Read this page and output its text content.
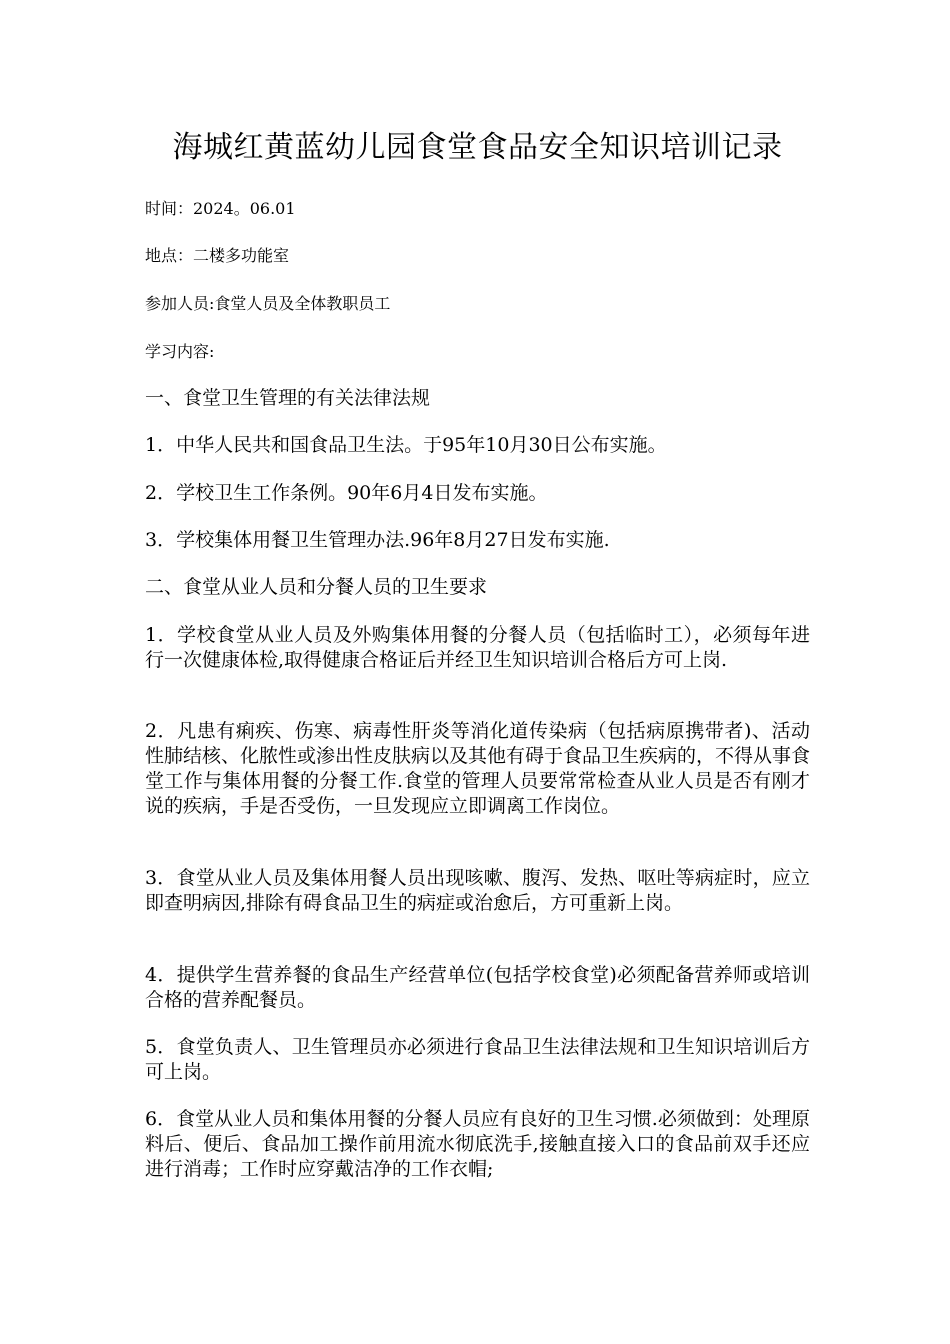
海城红黄蓝幼儿园食堂食品安全知识培训记录
时间：2024。06.01
地点：二楼多功能室
参加人员:食堂人员及全体教职员工
学习内容:
一、食堂卫生管理的有关法律法规
1．中华人民共和国食品卫生法。于95年10月30日公布实施。
2．学校卫生工作条例。90年6月4日发布实施。
3．学校集体用餐卫生管理办法.96年8月27日发布实施.
二、食堂从业人员和分餐人员的卫生要求
1．学校食堂从业人员及外购集体用餐的分餐人员（包括临时工），必须每年进行一次健康体检,取得健康合格证后并经卫生知识培训合格后方可上岗.
2．凡患有痢疾、伤寒、病毒性肝炎等消化道传染病（包括病原携带者)、活动性肺结核、化脓性或渗出性皮肤病以及其他有碍于食品卫生疾病的，不得从事食堂工作与集体用餐的分餐工作.食堂的管理人员要常常检查从业人员是否有刚才说的疾病，手是否受伤，一旦发现应立即调离工作岗位。
3．食堂从业人员及集体用餐人员出现咳嗽、腹泻、发热、呕吐等病症时，应立即查明病因,排除有碍食品卫生的病症或治愈后，方可重新上岗。
4．提供学生营养餐的食品生产经营单位(包括学校食堂)必须配备营养师或培训合格的营养配餐员。
5．食堂负责人、卫生管理员亦必须进行食品卫生法律法规和卫生知识培训后方可上岗。
6．食堂从业人员和集体用餐的分餐人员应有良好的卫生习惯.必须做到：处理原料后、便后、食品加工操作前用流水彻底洗手,接触直接入口的食品前双手还应进行消毒；工作时应穿戴洁净的工作衣帽;
